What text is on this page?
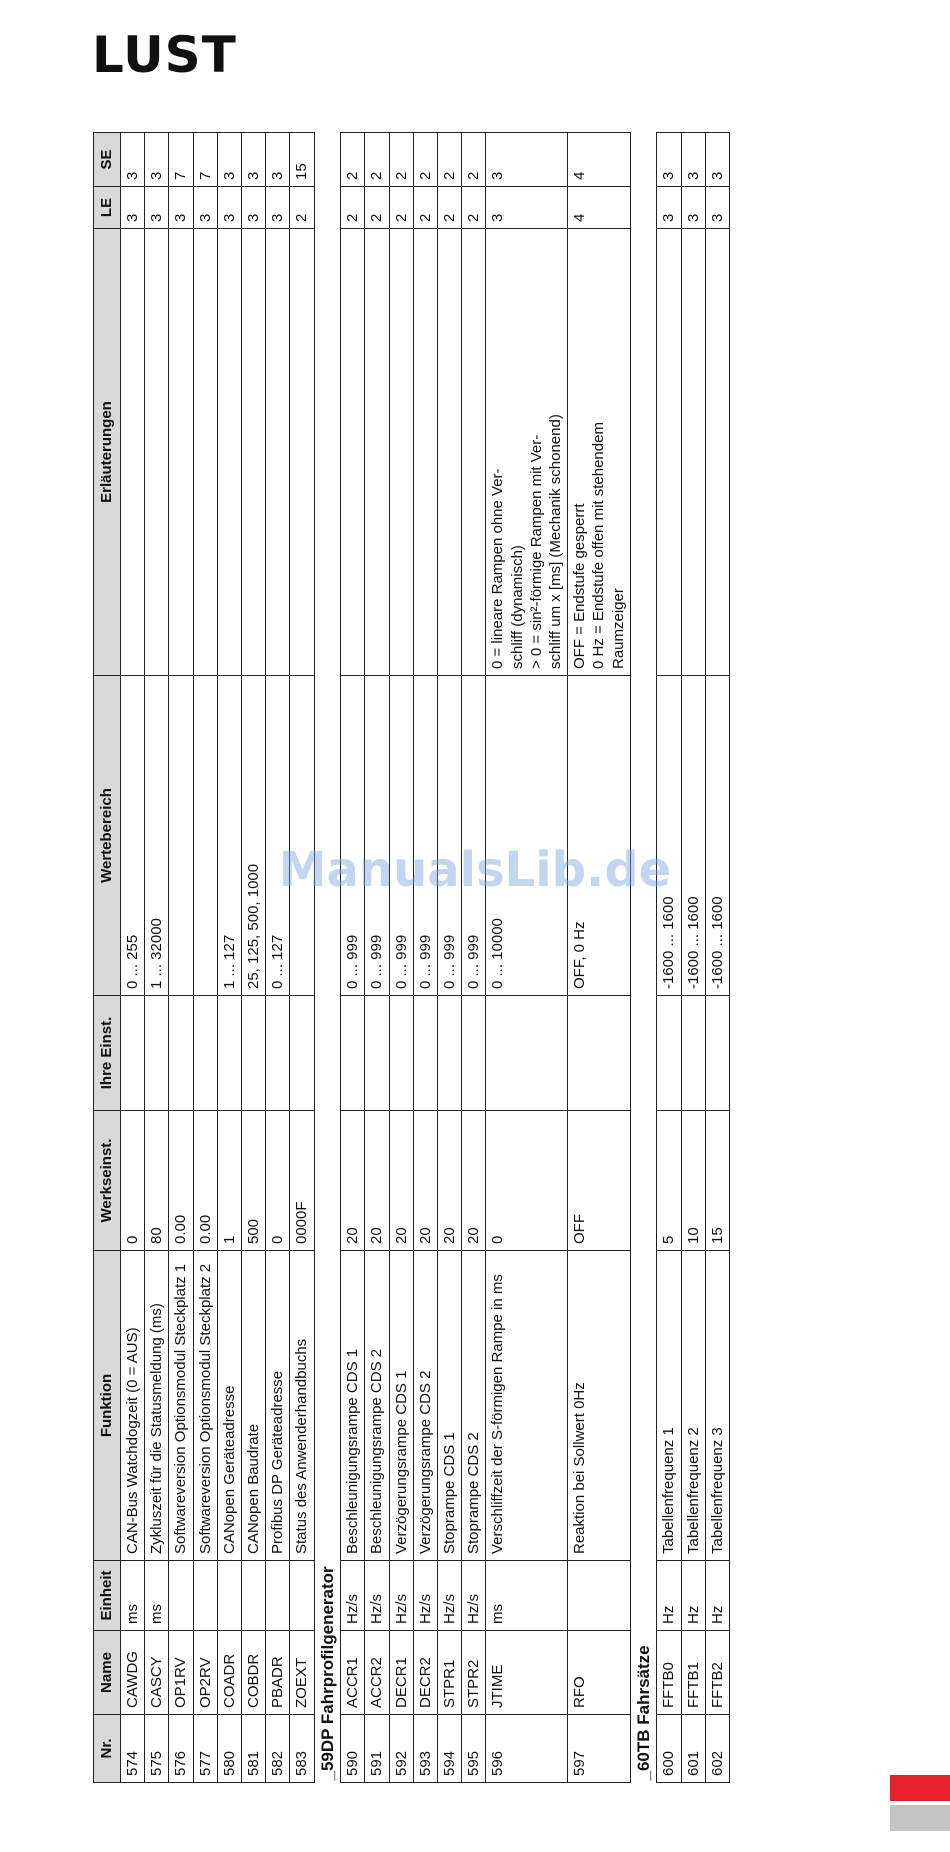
LUST
Nr.	Name	Einheit	Funktion	Werkseinst.	Ihre Einst.	Wertebereich	Erläuterungen	LE	SE
574	CAWDG	ms	CAN-Bus Watchdogzeit (0 = AUS)	0		0 ... 255		3	3
575	CASCY	ms	Zykluszeit für die Statusmeldung (ms)	80		1 ... 32000		3	3
576	OP1RV		Softwareversion Optionsmodul Steckplatz 1	0.00				3	7
577	OP2RV		Softwareversion Optionsmodul Steckplatz 2	0.00				3	7
580	COADR		CANopen Geräteadresse	1		1 ... 127		3	3
581	COBDR		CANopen Baudrate	500		25, 125, 500, 1000		3	3
582	PBADR		Profibus DP Geräteadresse	0		0 ... 127		3	3
583	ZOEXT		Status des Anwenderhandbuchs	0000F				2	15
_59DP Fahrprofilgenerator									
590	ACCR1	Hz/s	Beschleunigungsrampe CDS 1	20		0 ... 999		2	2
591	ACCR2	Hz/s	Beschleunigungsrampe CDS 2	20		0 ... 999		2	2
592	DECR1	Hz/s	Verzögerungsrampe CDS 1	20		0 ... 999		2	2
593	DECR2	Hz/s	Verzögerungsrampe CDS 2	20		0 ... 999		2	2
594	STPR1	Hz/s	Stoprampe CDS 1	20		0 ... 999		2	2
595	STPR2	Hz/s	Stoprampe CDS 2	20		0 ... 999		2	2
596	JTIME	ms	Verschliffzeit der S-förmigen Rampe in ms	0		0 ... 10000	0 = lineare Rampen ohne Ver-
schliff (dynamisch)
> 0 = sin²-förmige Rampen mit Ver-
schliff um x [ms] (Mechanik schonend)	3	3
597	RFO		Reaktion bei Sollwert 0Hz	OFF		OFF, 0 Hz	OFF = Endstufe gesperrt
0 Hz = Endstufe offen mit stehendem
Raumzeiger	4	4
_60TB Fahrsätze									
600	FFTB0	Hz	Tabellenfrequenz 1	5		-1600 ... 1600		3	3
601	FFTB1	Hz	Tabellenfrequenz 2	10		-1600 ... 1600		3	3
602	FFTB2	Hz	Tabellenfrequenz 3	15		-1600 ... 1600		3	3
ManualsLib.de
